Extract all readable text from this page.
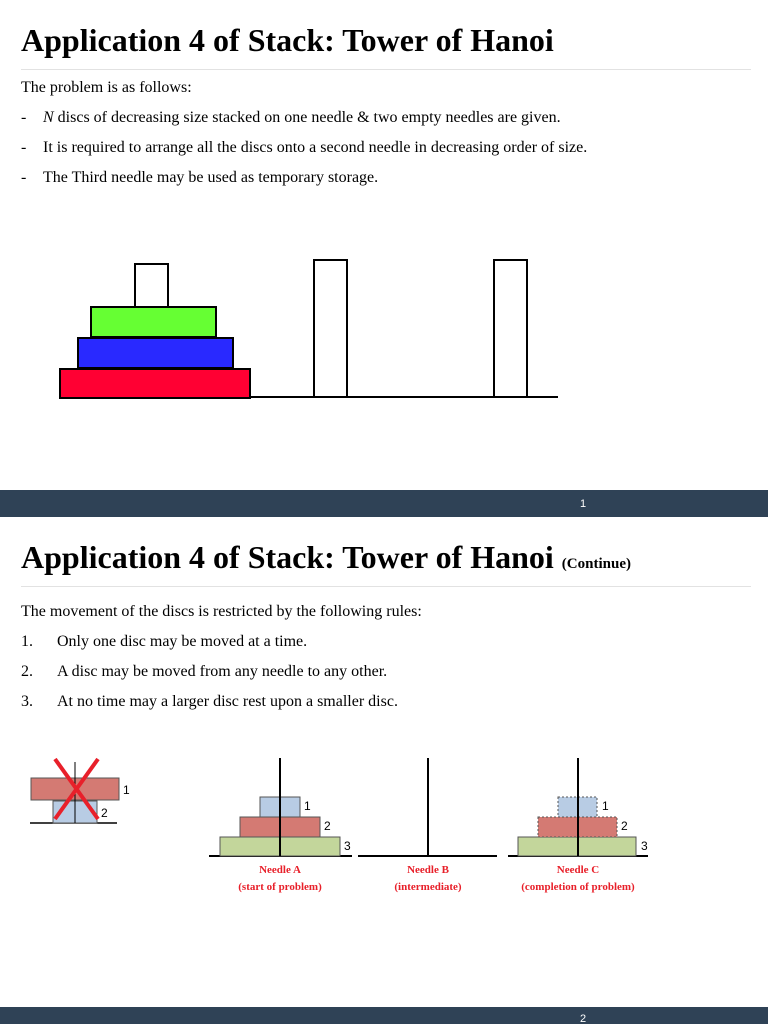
Application 4 of Stack: Tower of Hanoi
The problem is as follows:
- N discs of decreasing size stacked on one needle & two empty needles are given.
- It is required to arrange all the discs onto a second needle in decreasing order of size.
- The Third needle may be used as temporary storage.
1
Application 4 of Stack: Tower of Hanoi (Continue)
The movement of the discs is restricted by the following rules:
1. Only one disc may be moved at a time.
2. A disc may be moved from any needle to any other.
3. At no time may a larger disc rest upon a smaller disc.
1
2	1
2
3
Needle A
(start of problem)
Needle B
(intermediate)
1
2
3
Needle C
(completion of problem)
2
